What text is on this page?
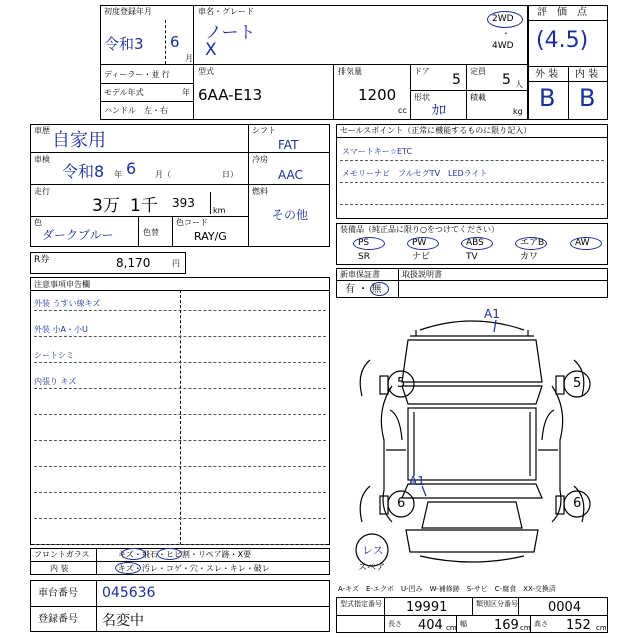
初度登録年月
令和3 6
月
車名・グレード
ノート
X
2WD
・
4WD
ディーラー・並 行
モデル年式	年
ハンドル　左・右
型式
6AA-E13
排気量
1200
cc
ドア
5
定員
5 人
形状
ｶﾛ
積載
kg
評　価　点
(4.5)
外 装 内 装
B B
車歴 自家用
車検
令和8 年 6 月（	日）
走行
3万 1千 393
km
色
ダークブルー	色替
色コード
RAY/G
シフト
FAT
冷房
AAC
燃料
その他
R券	8,170	円
注意事項申告欄
外装 うすい線キズ
外装 小A・小U
シートシミ
内張り キズ
フロントガラス	キズ・飛石・ヒビ割・リペア跡・X要
内 装	キズ・汚レ・コゲ・穴・スレ・キレ・破レ
車台番号 045636
登録番号 名変中
セールスポイント（正常に機能するものに限り記入）
スマートキー☆ETC
メモリーナビ　フルセグTV　LEDライト
装備品（純正品に限り○をつけてください）
PS	PW	ABS	エアB	AW
SR	ナビ	TV	カワ
新車保証書	取扱説明書
有 ・ 無
A1
5	5
A1
6	6
レス
スペア
A-キズ　E-エクボ　U-凹み　W-補修跡　S-サビ　C-腐食　XX-交換済
型式指定番号 19991	類別区分番号 0004
長さ 404 cm 幅 169 cm 高さ 152 cm
